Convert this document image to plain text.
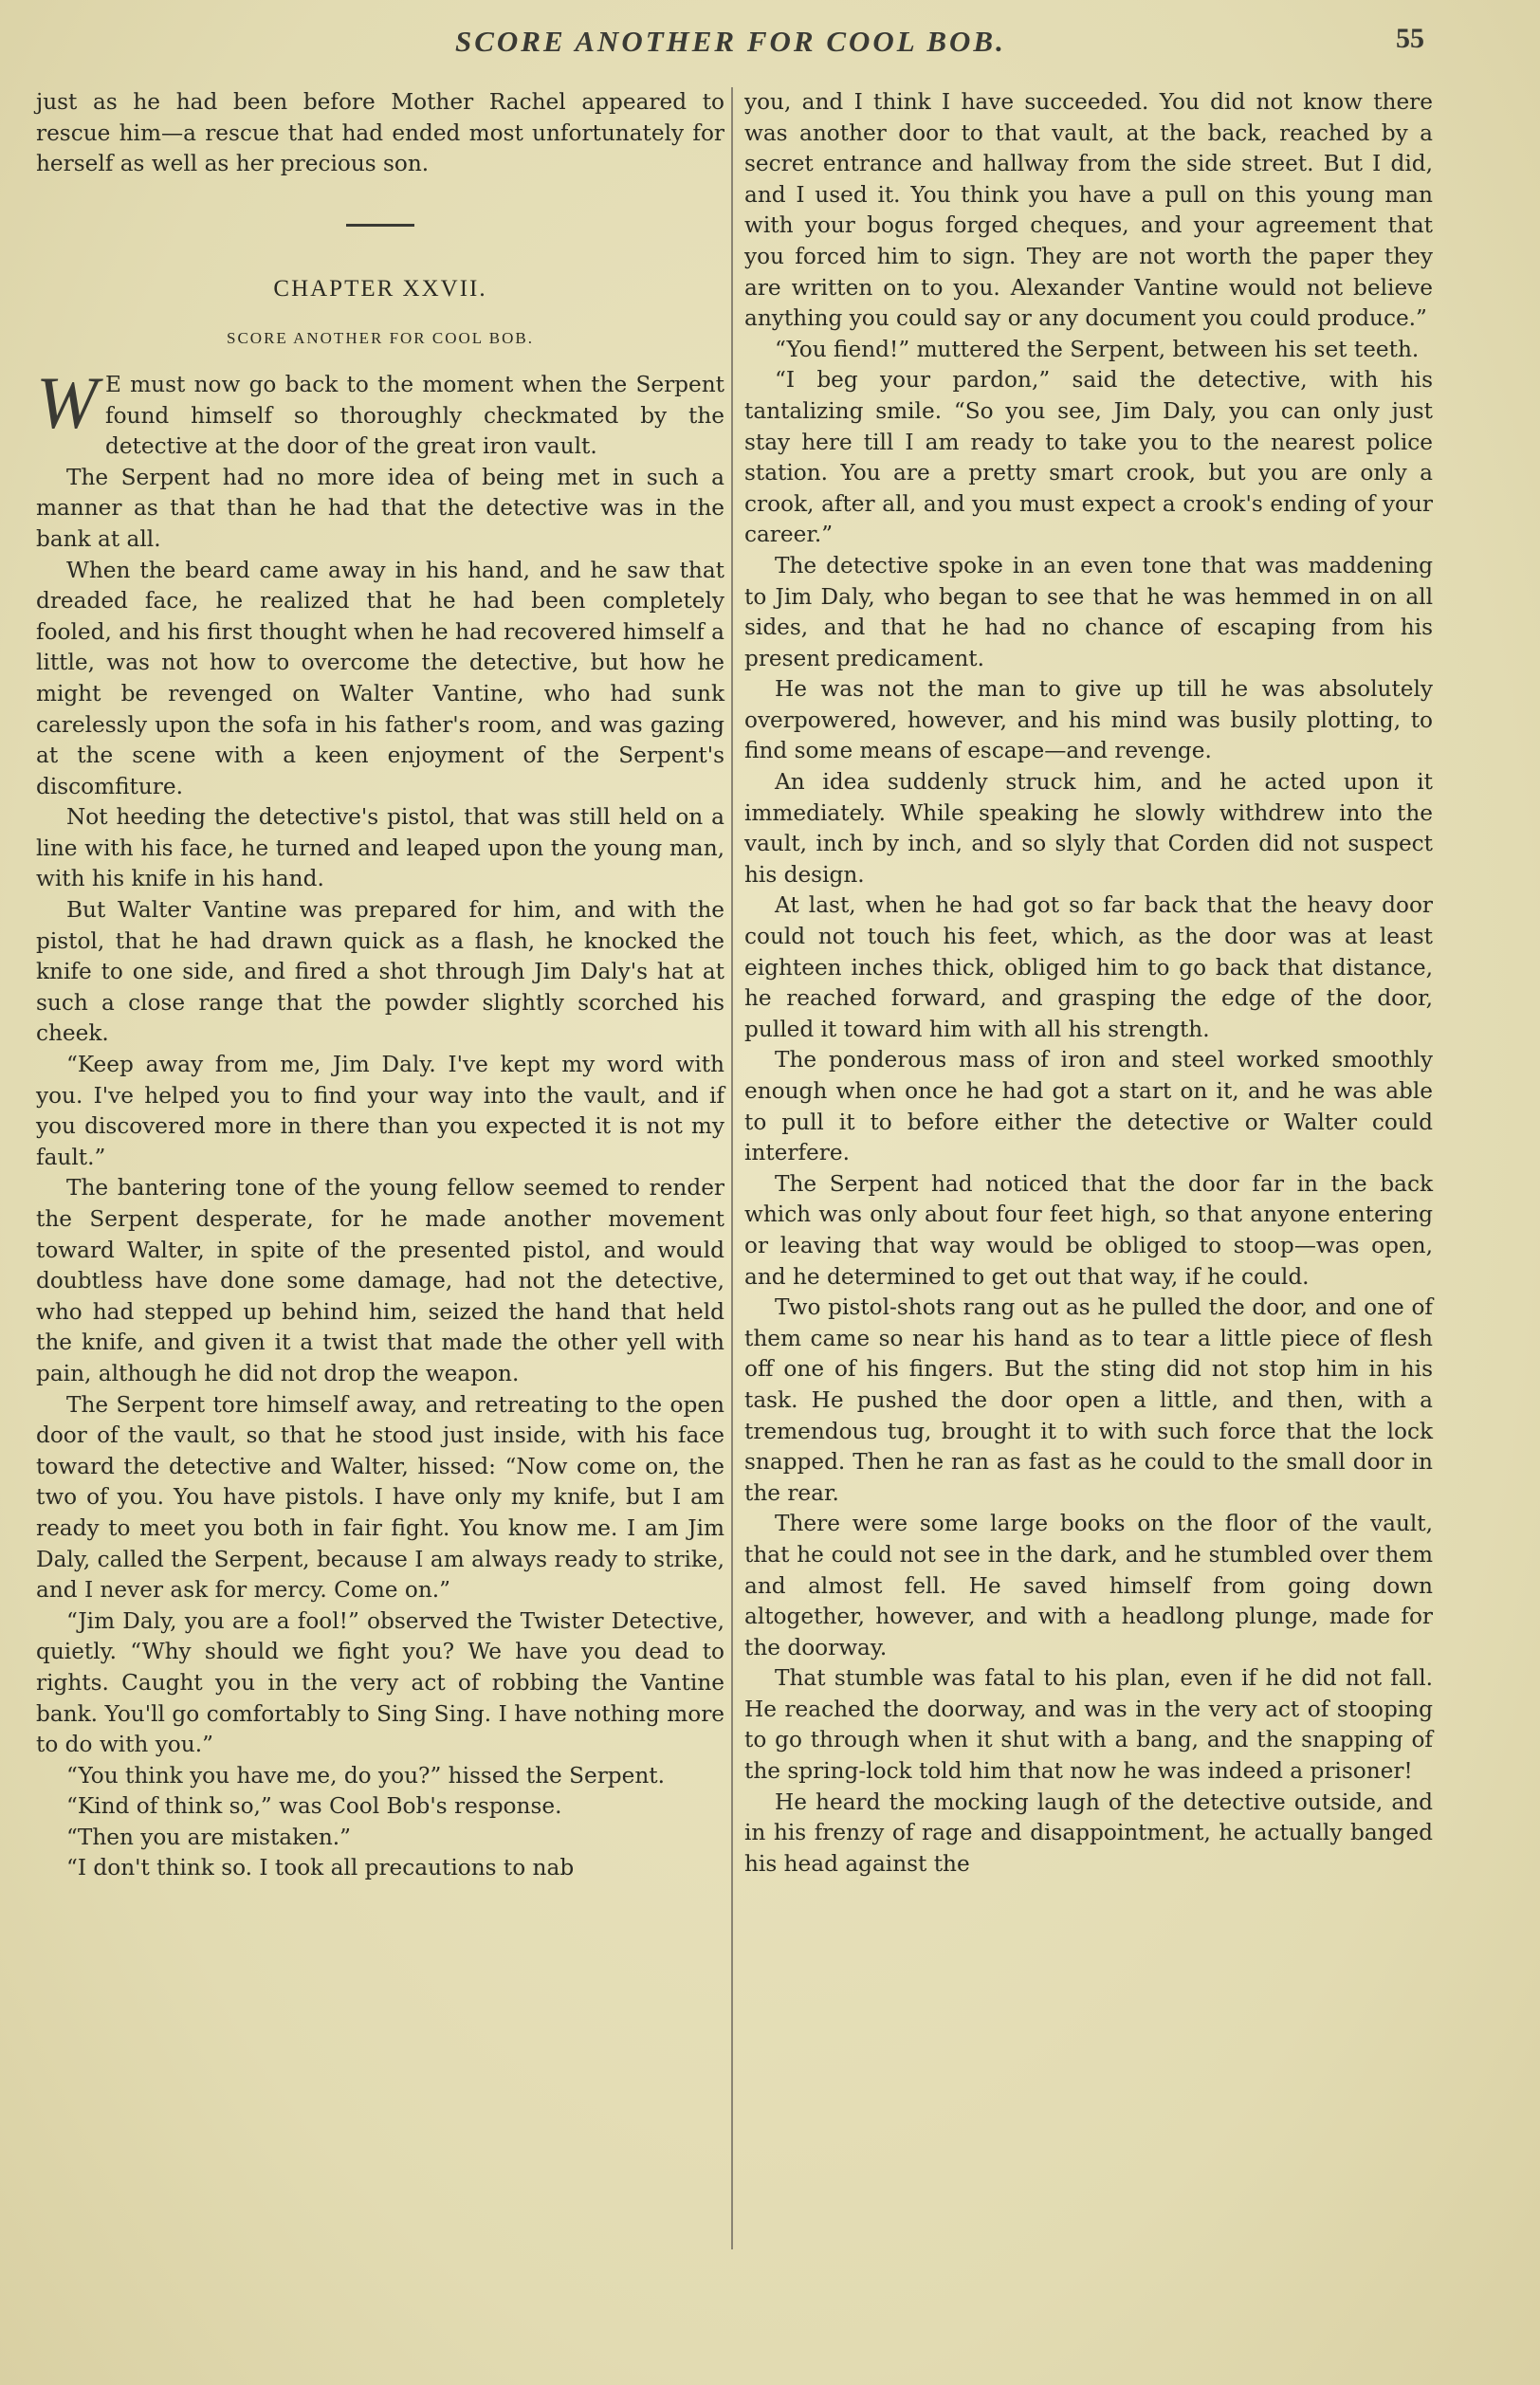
SCORE ANOTHER FOR COOL BOB.	55

just as he had been before Mother Rachel appeared to rescue him—a rescue that had ended most unfortunately for herself as well as her precious son.

CHAPTER XXVII.

SCORE ANOTHER FOR COOL BOB.

W E must now go back to the moment when the Serpent found himself so thoroughly checkmated by the detective at the door of the great iron vault.

The Serpent had no more idea of being met in such a manner as that than he had that the detective was in the bank at all.

When the beard came away in his hand, and he saw that dreaded face, he realized that he had been completely fooled, and his first thought when he had recovered himself a little, was not how to overcome the detective, but how he might be revenged on Walter Vantine, who had sunk carelessly upon the sofa in his father's room, and was gazing at the scene with a keen enjoyment of the Serpent's discomfiture.

Not heeding the detective's pistol, that was still held on a line with his face, he turned and leaped upon the young man, with his knife in his hand.

But Walter Vantine was prepared for him, and with the pistol, that he had drawn quick as a flash, he knocked the knife to one side, and fired a shot through Jim Daly's hat at such a close range that the powder slightly scorched his cheek.

“Keep away from me, Jim Daly. I've kept my word with you. I've helped you to find your way into the vault, and if you discovered more in there than you expected it is not my fault.”

The bantering tone of the young fellow seemed to render the Serpent desperate, for he made another movement toward Walter, in spite of the presented pistol, and would doubtless have done some damage, had not the detective, who had stepped up behind him, seized the hand that held the knife, and given it a twist that made the other yell with pain, although he did not drop the weapon.

The Serpent tore himself away, and retreating to the open door of the vault, so that he stood just inside, with his face toward the detective and Walter, hissed: “Now come on, the two of you. You have pistols. I have only my knife, but I am ready to meet you both in fair fight. You know me. I am Jim Daly, called the Serpent, because I am always ready to strike, and I never ask for mercy. Come on.”

“Jim Daly, you are a fool!” observed the Twister Detective, quietly. “Why should we fight you? We have you dead to rights. Caught you in the very act of robbing the Vantine bank. You'll go comfortably to Sing Sing. I have nothing more to do with you.”

“You think you have me, do you?” hissed the Serpent.

“Kind of think so,” was Cool Bob's response.

“Then you are mistaken.”

“I don't think so. I took all precautions to nab

you, and I think I have succeeded. You did not know there was another door to that vault, at the back, reached by a secret entrance and hallway from the side street. But I did, and I used it. You think you have a pull on this young man with your bogus forged cheques, and your agreement that you forced him to sign. They are not worth the paper they are written on to you. Alexander Vantine would not believe anything you could say or any document you could produce.”

“You fiend!” muttered the Serpent, between his set teeth.

“I beg your pardon,” said the detective, with his tantalizing smile. “So you see, Jim Daly, you can only just stay here till I am ready to take you to the nearest police station. You are a pretty smart crook, but you are only a crook, after all, and you must expect a crook's ending of your career.”

The detective spoke in an even tone that was maddening to Jim Daly, who began to see that he was hemmed in on all sides, and that he had no chance of escaping from his present predicament.

He was not the man to give up till he was absolutely overpowered, however, and his mind was busily plotting, to find some means of escape—and revenge.

An idea suddenly struck him, and he acted upon it immediately. While speaking he slowly withdrew into the vault, inch by inch, and so slyly that Corden did not suspect his design.

At last, when he had got so far back that the heavy door could not touch his feet, which, as the door was at least eighteen inches thick, obliged him to go back that distance, he reached forward, and grasping the edge of the door, pulled it toward him with all his strength.

The ponderous mass of iron and steel worked smoothly enough when once he had got a start on it, and he was able to pull it to before either the detective or Walter could interfere.

The Serpent had noticed that the door far in the back which was only about four feet high, so that anyone entering or leaving that way would be obliged to stoop—was open, and he determined to get out that way, if he could.

Two pistol-shots rang out as he pulled the door, and one of them came so near his hand as to tear a little piece of flesh off one of his fingers. But the sting did not stop him in his task. He pushed the door open a little, and then, with a tremendous tug, brought it to with such force that the lock snapped. Then he ran as fast as he could to the small door in the rear.

There were some large books on the floor of the vault, that he could not see in the dark, and he stumbled over them and almost fell. He saved himself from going down altogether, however, and with a headlong plunge, made for the doorway.

That stumble was fatal to his plan, even if he did not fall. He reached the doorway, and was in the very act of stooping to go through when it shut with a bang, and the snapping of the spring-lock told him that now he was indeed a prisoner!

He heard the mocking laugh of the detective outside, and in his frenzy of rage and disappointment, he actually banged his head against the
